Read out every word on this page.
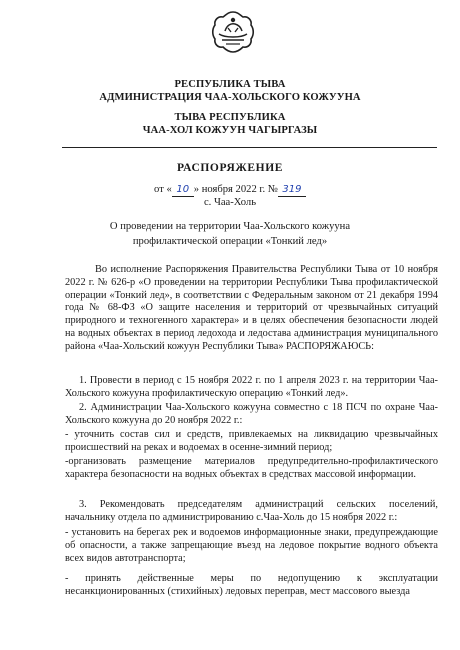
РЕСПУБЛИКА ТЫВА
АДМИНИСТРАЦИЯ ЧАА-ХОЛЬСКОГО КОЖУУНА
ТЫВА РЕСПУБЛИКА
ЧАА-ХОЛ КОЖУУН ЧАГЫРГАЗЫ
РАСПОРЯЖЕНИЕ
от « 10 » ноября 2022 г. № 319
с. Чаа-Холь
О проведении на территории Чаа-Хольского кожууна
профилактической операции «Тонкий лед»
Во исполнение Распоряжения Правительства Республики Тыва от 10 ноября 2022 г. № 626-р «О проведении на территории Республики Тыва профилактической операции «Тонкий лед», в соответствии с Федеральным законом от 21 декабря 1994 года № 68-ФЗ «О защите населения и территорий от чрезвычайных ситуаций природного и техногенного характера» и в целях обеспечения безопасности людей на водных объектах в период ледохода и ледостава администрация муниципального района «Чаа-Хольский кожуун Республики Тыва» РАСПОРЯЖАЮСЬ:
1. Провести в период с 15 ноября 2022 г. по 1 апреля 2023 г. на территории Чаа-Хольского кожууна профилактическую операцию «Тонкий лед».
2. Администрации Чаа-Хольского кожууна совместно с 18 ПСЧ по охране Чаа-Хольского кожууна до 20 ноября 2022 г.:
- уточнить состав сил и средств, привлекаемых на ликвидацию чрезвычайных происшествий на реках и водоемах в осенне-зимний период;
-организовать размещение материалов предупредительно-профилактического характера безопасности на водных объектах в средствах массовой информации.
3. Рекомендовать председателям администраций сельских поселений, начальнику отдела по администрированию с.Чаа-Холь до 15 ноября 2022 г.:
- установить на берегах рек и водоемов информационные знаки, предупреждающие об опасности, а также запрещающие въезд на ледовое покрытие водного объекта всех видов автотранспорта;
- принять действенные меры по недопущению к эксплуатации несанкционированных (стихийных) ледовых переправ, мест массового выезда
